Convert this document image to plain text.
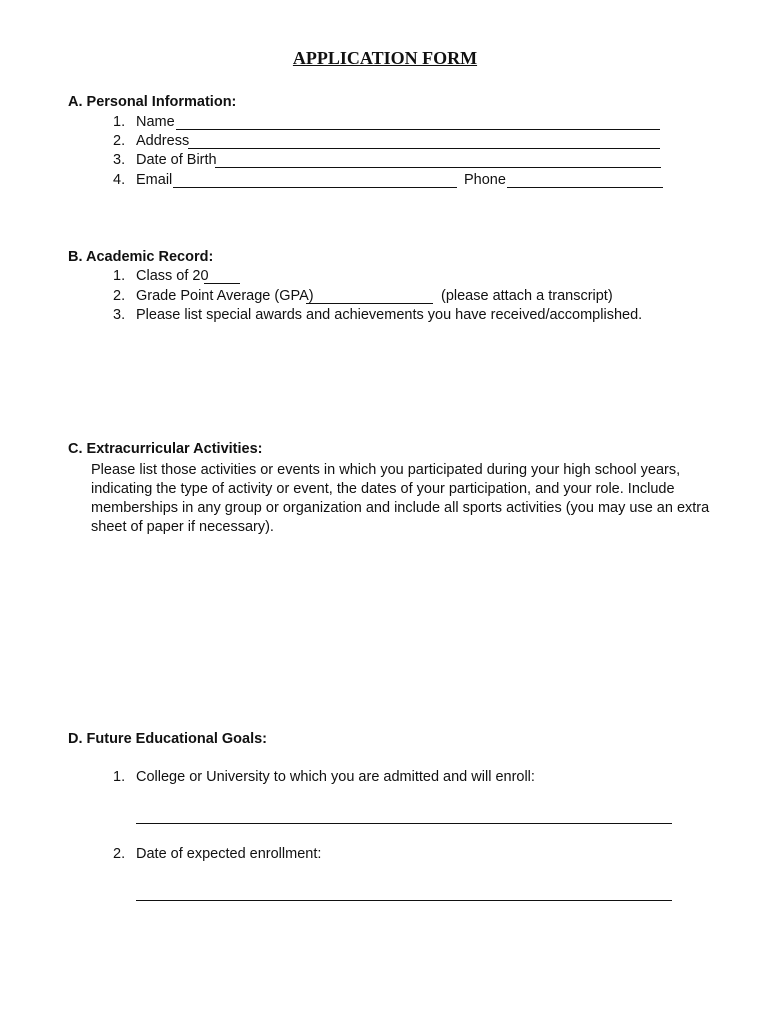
APPLICATION FORM
A. Personal Information:
1. Name
2. Address
3. Date of Birth
4. Email	Phone
B. Academic Record:
1. Class of 20
2. Grade Point Average (GPA)	(please attach a transcript)
3. Please list special awards and achievements you have received/accomplished.
C. Extracurricular Activities:
Please list those activities or events in which you participated during your high school years, indicating the type of activity or event, the dates of your participation, and your role. Include memberships in any group or organization and include all sports activities (you may use an extra sheet of paper if necessary).
D. Future Educational Goals:
1. College or University to which you are admitted and will enroll:
2. Date of expected enrollment:
